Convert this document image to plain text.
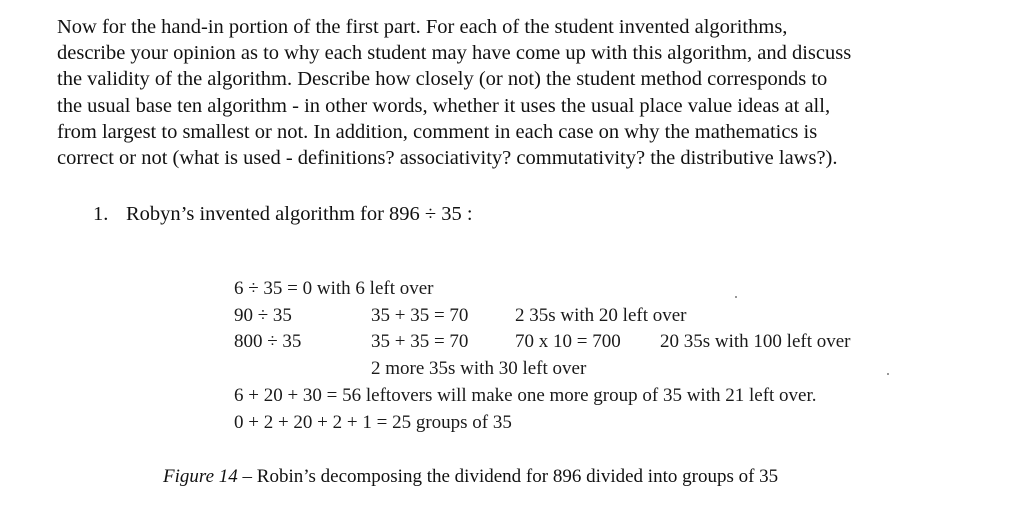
Now for the hand-in portion of the first part. For each of the student invented algorithms,
describe your opinion as to why each student may have come up with this algorithm, and discuss
the validity of the algorithm. Describe how closely (or not) the student method corresponds to
the usual base ten algorithm - in other words, whether it uses the usual place value ideas at all,
from largest to smallest or not. In addition, comment in each case on why the mathematics is
correct or not (what is used - definitions? associativity? commutativity? the distributive laws?).
1. Robyn’s invented algorithm for 896 ÷ 35 :
6 ÷ 35 = 0 with 6 left over
90 ÷ 35	35 + 35 = 70 2 35s with 20 left over
800 ÷ 35	35 + 35 = 70 70 x 10 = 700 20 35s with 100 left over
2 more 35s with 30 left over
6 + 20 + 30 = 56 leftovers will make one more group of 35 with 21 left over.
0 + 2 + 20 + 2 + 1 = 25 groups of 35
Figure 14 – Robin’s decomposing the dividend for 896 divided into groups of 35
